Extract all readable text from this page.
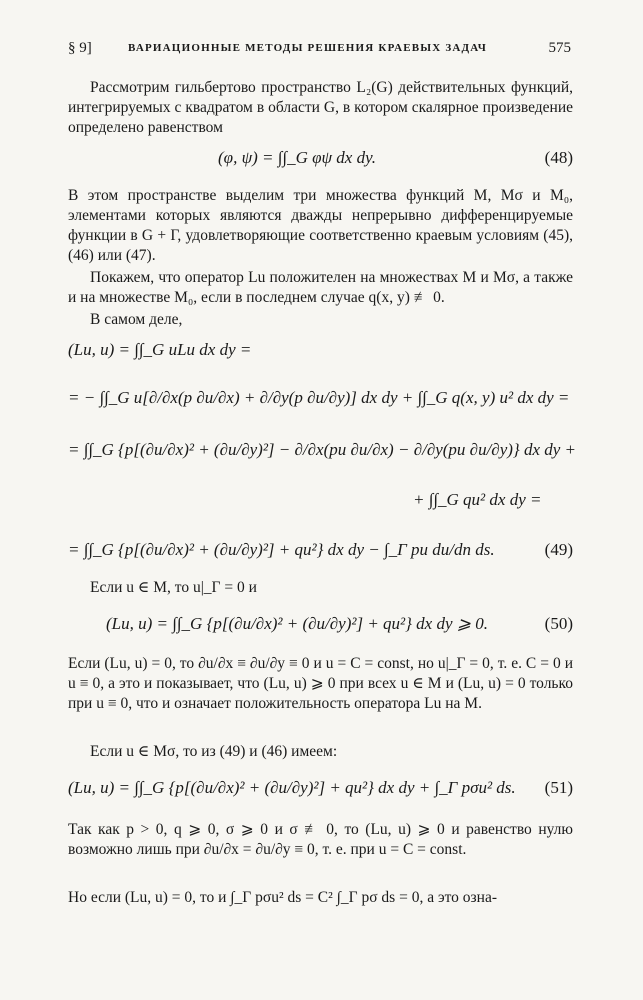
§ 9]	ВАРИАЦИОННЫЕ МЕТОДЫ РЕШЕНИЯ КРАЕВЫХ ЗАДАЧ	575
Рассмотрим гильбертово пространство L₂(G) действительных функций, интегрируемых с квадратом в области G, в котором скалярное произведение определено равенством
(φ, ψ) = ∫∫_G φψ dx dy.	(48)
В этом пространстве выделим три множества функций M, Mσ и M₀, элементами которых являются дважды непрерывно дифференцируемые функции в G + Γ, удовлетворяющие соответственно краевым условиям (45), (46) или (47).
Покажем, что оператор Lu положителен на множествах M и Mσ, а также и на множестве M₀, если в последнем случае q(x, y) ≢ 0.
В самом деле,
(Lu, u) = ∫∫_G uLu dx dy =
= − ∫∫_G u[∂/∂x(p ∂u/∂x) + ∂/∂y(p ∂u/∂y)] dx dy + ∫∫_G q(x, y) u² dx dy =
= ∫∫_G {p[(∂u/∂x)² + (∂u/∂y)²] − ∂/∂x(pu ∂u/∂x) − ∂/∂y(pu ∂u/∂y)} dx dy +
+ ∫∫_G qu² dx dy =
= ∫∫_G {p[(∂u/∂x)² + (∂u/∂y)²] + qu²} dx dy − ∫_Γ pu du/dn ds.	(49)
Если u ∈ M, то u|_Γ = 0 и
(Lu, u) = ∫∫_G {p[(∂u/∂x)² + (∂u/∂y)²] + qu²} dx dy ⩾ 0.	(50)
Если (Lu, u) = 0, то ∂u/∂x ≡ ∂u/∂y ≡ 0 и u = C = const, но u|_Γ = 0, т. е. C = 0 и u ≡ 0, а это и показывает, что (Lu, u) ⩾ 0 при всех u ∈ M и (Lu, u) = 0 только при u ≡ 0, что и означает положительность оператора Lu на M.
Если u ∈ Mσ, то из (49) и (46) имеем:
(Lu, u) = ∫∫_G {p[(∂u/∂x)² + (∂u/∂y)²] + qu²} dx dy + ∫_Γ pσu² ds. (51)
Так как p > 0, q ⩾ 0, σ ⩾ 0 и σ ≢ 0, то (Lu, u) ⩾ 0 и равенство нулю возможно лишь при ∂u/∂x = ∂u/∂y ≡ 0, т. е. при u = C = const.
Но если (Lu, u) = 0, то и ∫_Γ pσu² ds = C² ∫_Γ pσ ds = 0, а это озна-
